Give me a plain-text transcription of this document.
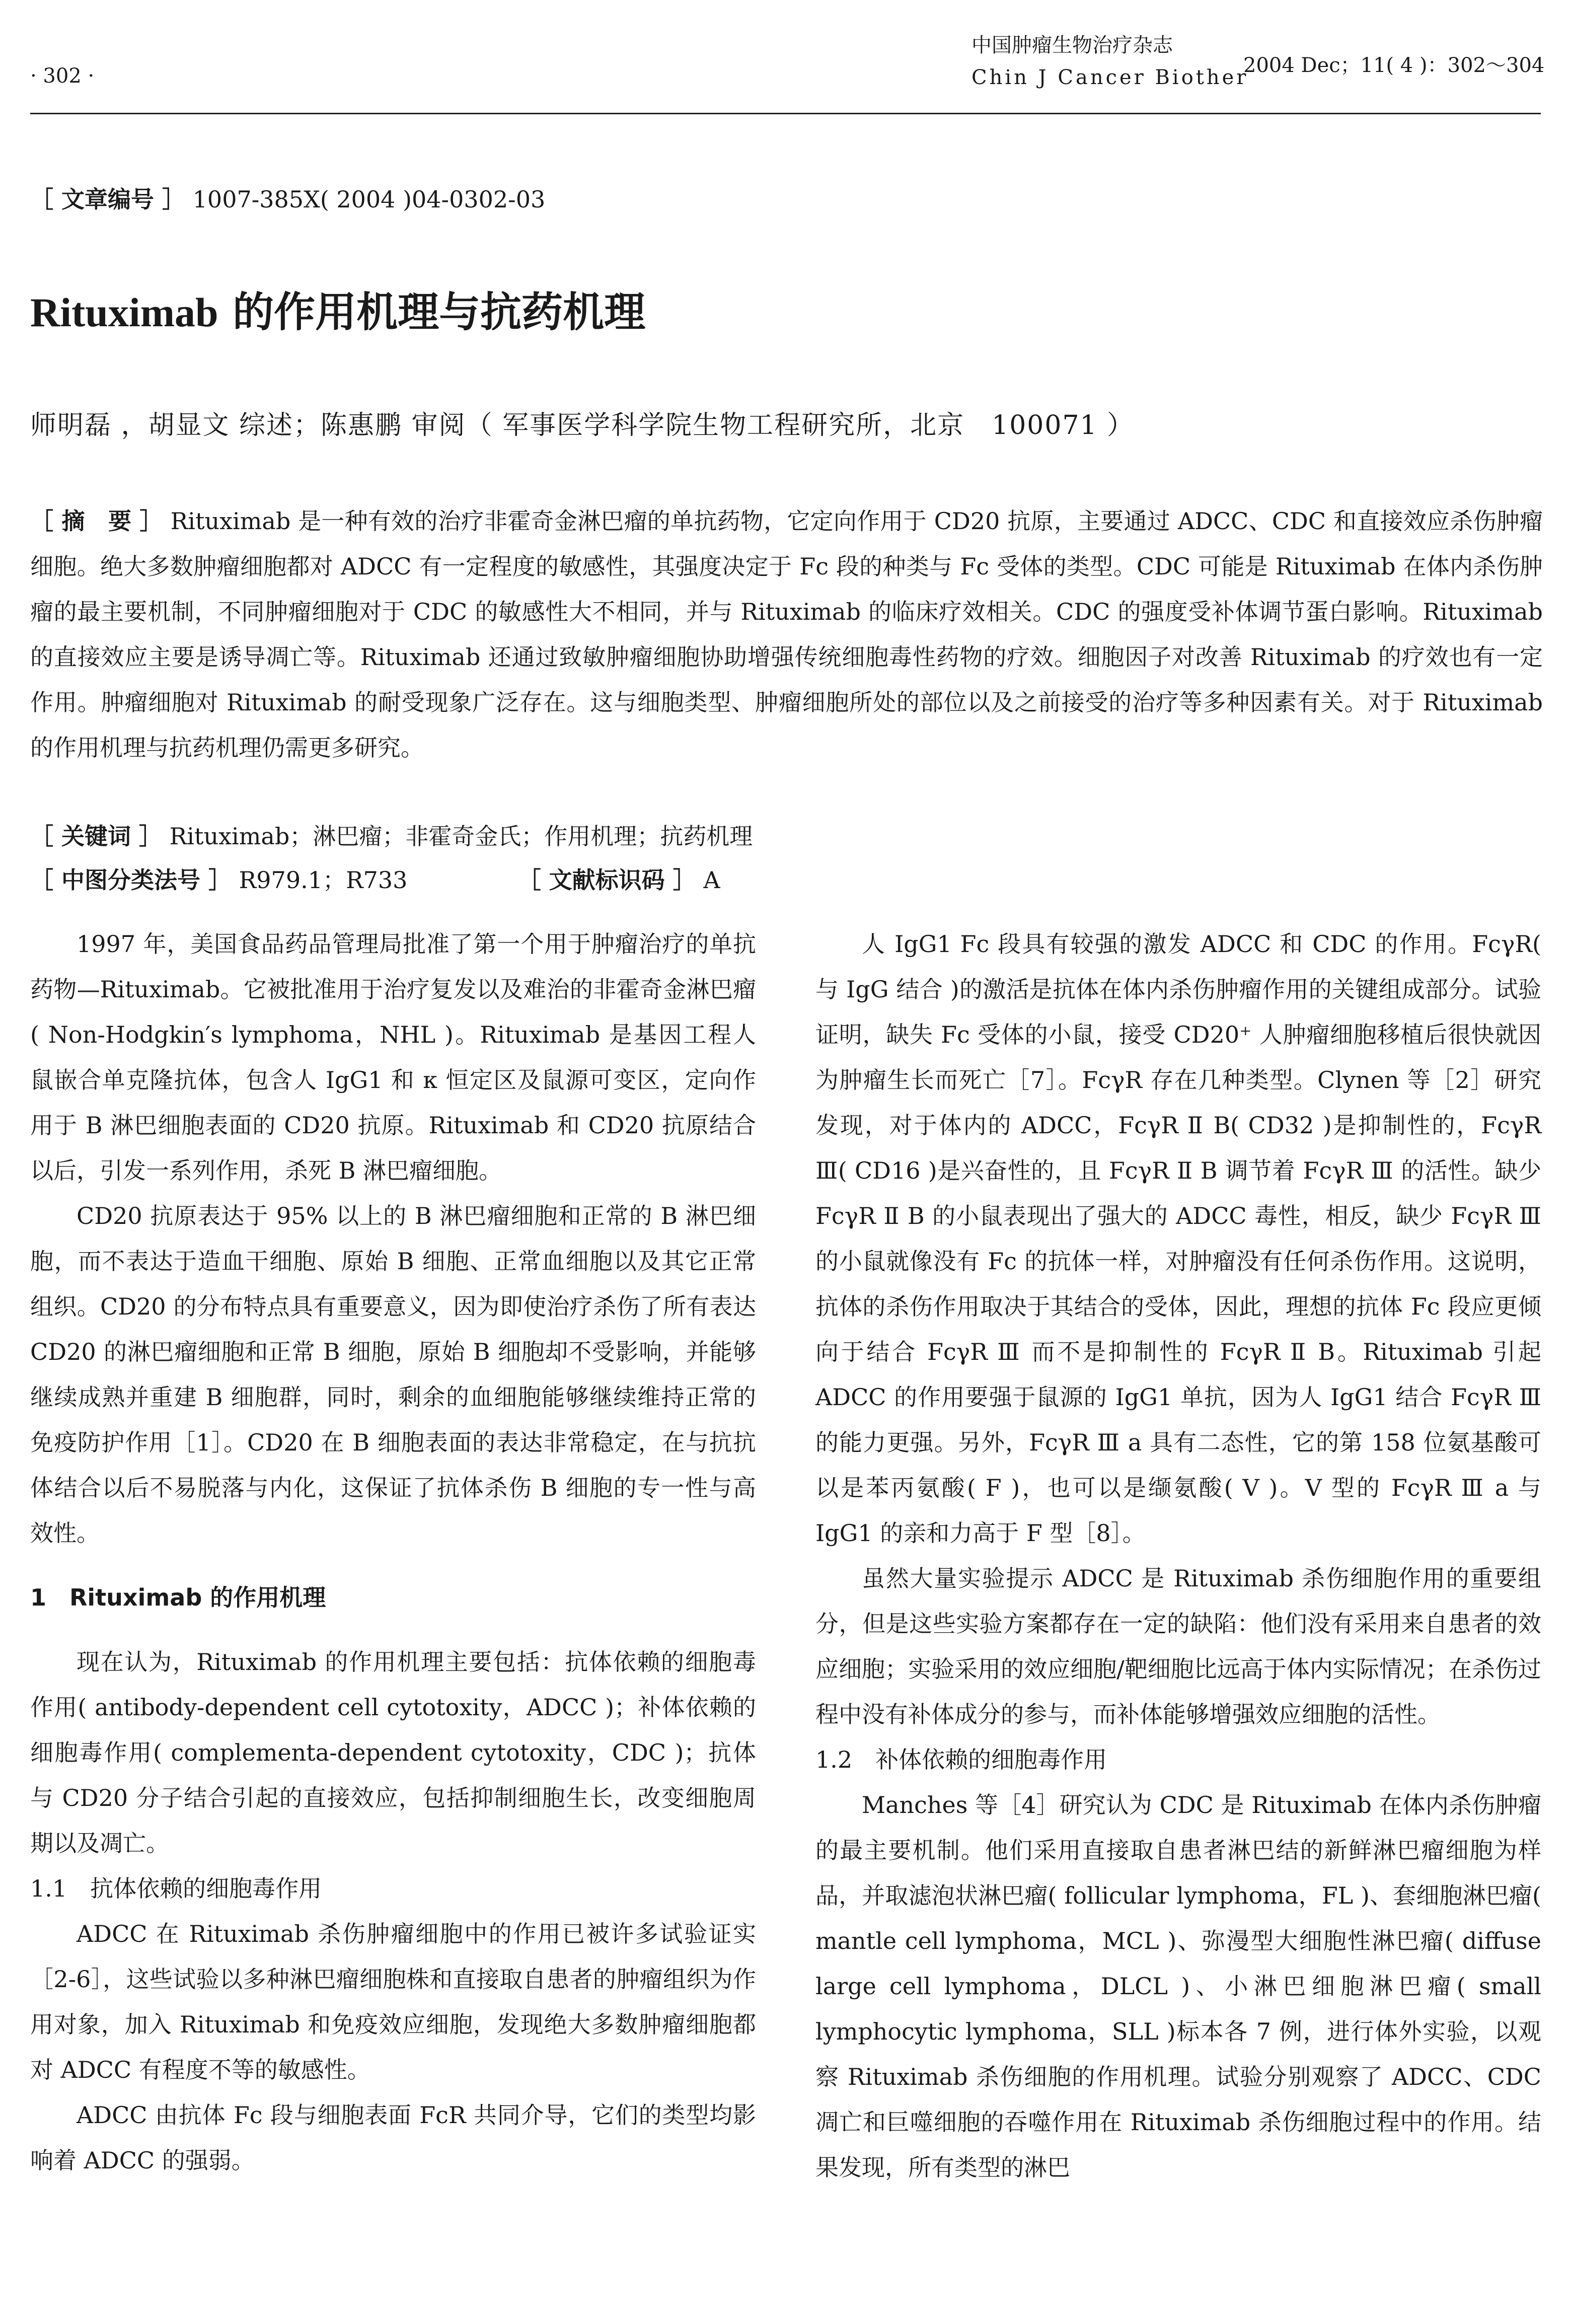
· 302 ·
中国肿瘤生物治疗杂志
Chin J Cancer Biother
2004 Dec；11( 4 )：302～304
［ 文章编号 ］ 1007-385X( 2004 )04-0302-03
Rituximab 的作用机理与抗药机理
师明磊 ，胡显文 综述；陈惠鹏 审阅（ 军事医学科学院生物工程研究所，北京　100071 ）
［ 摘　要 ］ Rituximab 是一种有效的治疗非霍奇金淋巴瘤的单抗药物，它定向作用于 CD20 抗原，主要通过 ADCC、CDC 和直接效应杀伤肿瘤细胞。绝大多数肿瘤细胞都对 ADCC 有一定程度的敏感性，其强度决定于 Fc 段的种类与 Fc 受体的类型。CDC 可能是 Rituximab 在体内杀伤肿瘤的最主要机制，不同肿瘤细胞对于 CDC 的敏感性大不相同，并与 Rituximab 的临床疗效相关。CDC 的强度受补体调节蛋白影响。Rituximab 的直接效应主要是诱导凋亡等。Rituximab 还通过致敏肿瘤细胞协助增强传统细胞毒性药物的疗效。细胞因子对改善 Rituximab 的疗效也有一定作用。肿瘤细胞对 Rituximab 的耐受现象广泛存在。这与细胞类型、肿瘤细胞所处的部位以及之前接受的治疗等多种因素有关。对于 Rituximab 的作用机理与抗药机理仍需更多研究。
［ 关键词 ］ Rituximab；淋巴瘤；非霍奇金氏；作用机理；抗药机理
［ 中图分类法号 ］ R979.1；R733	［ 文献标识码 ］ A

1997 年，美国食品药品管理局批准了第一个用于肿瘤治疗的单抗药物—Rituximab。它被批准用于治疗复发以及难治的非霍奇金淋巴瘤( Non-Hodgkin′s lymphoma，NHL )。Rituximab 是基因工程人鼠嵌合单克隆抗体，包含人 IgG1 和 κ 恒定区及鼠源可变区，定向作用于 B 淋巴细胞表面的 CD20 抗原。Rituximab 和 CD20 抗原结合以后，引发一系列作用，杀死 B 淋巴瘤细胞。

CD20 抗原表达于 95% 以上的 B 淋巴瘤细胞和正常的 B 淋巴细胞，而不表达于造血干细胞、原始 B 细胞、正常血细胞以及其它正常组织。CD20 的分布特点具有重要意义，因为即使治疗杀伤了所有表达 CD20 的淋巴瘤细胞和正常 B 细胞，原始 B 细胞却不受影响，并能够继续成熟并重建 B 细胞群，同时，剩余的血细胞能够继续维持正常的免疫防护作用［1］。CD20 在 B 细胞表面的表达非常稳定，在与抗抗体结合以后不易脱落与内化，这保证了抗体杀伤 B 细胞的专一性与高效性。

1　Rituximab 的作用机理

现在认为，Rituximab 的作用机理主要包括：抗体依赖的细胞毒作用( antibody-dependent cell cytotoxity，ADCC )；补体依赖的细胞毒作用( complementa-dependent cytotoxity，CDC )；抗体与 CD20 分子结合引起的直接效应，包括抑制细胞生长，改变细胞周期以及凋亡。

1.1　抗体依赖的细胞毒作用

ADCC 在 Rituximab 杀伤肿瘤细胞中的作用已被许多试验证实［2-6］，这些试验以多种淋巴瘤细胞株和直接取自患者的肿瘤组织为作用对象，加入 Rituximab 和免疫效应细胞，发现绝大多数肿瘤细胞都对 ADCC 有程度不等的敏感性。

ADCC 由抗体 Fc 段与细胞表面 FcR 共同介导，它们的类型均影响着 ADCC 的强弱。

人 IgG1 Fc 段具有较强的激发 ADCC 和 CDC 的作用。FcγR( 与 IgG 结合 )的激活是抗体在体内杀伤肿瘤作用的关键组成部分。试验证明，缺失 Fc 受体的小鼠，接受 CD20⁺ 人肿瘤细胞移植后很快就因为肿瘤生长而死亡［7］。FcγR 存在几种类型。Clynen 等［2］研究发现，对于体内的 ADCC，FcγR Ⅱ B( CD32 )是抑制性的，FcγR Ⅲ( CD16 )是兴奋性的，且 FcγR Ⅱ B 调节着 FcγR Ⅲ 的活性。缺少 FcγR Ⅱ B 的小鼠表现出了强大的 ADCC 毒性，相反，缺少 FcγR Ⅲ 的小鼠就像没有 Fc 的抗体一样，对肿瘤没有任何杀伤作用。这说明，抗体的杀伤作用取决于其结合的受体，因此，理想的抗体 Fc 段应更倾向于结合 FcγR Ⅲ 而不是抑制性的 FcγR Ⅱ B。Rituximab 引起 ADCC 的作用要强于鼠源的 IgG1 单抗，因为人 IgG1 结合 FcγR Ⅲ 的能力更强。另外，FcγR Ⅲ a 具有二态性，它的第 158 位氨基酸可以是苯丙氨酸( F )，也可以是缬氨酸( V )。V 型的 FcγR Ⅲ a 与 IgG1 的亲和力高于 F 型［8］。

虽然大量实验提示 ADCC 是 Rituximab 杀伤细胞作用的重要组分，但是这些实验方案都存在一定的缺陷：他们没有采用来自患者的效应细胞；实验采用的效应细胞/靶细胞比远高于体内实际情况；在杀伤过程中没有补体成分的参与，而补体能够增强效应细胞的活性。

1.2　补体依赖的细胞毒作用

Manches 等［4］研究认为 CDC 是 Rituximab 在体内杀伤肿瘤的最主要机制。他们采用直接取自患者淋巴结的新鲜淋巴瘤细胞为样品，并取滤泡状淋巴瘤( follicular lymphoma，FL )、套细胞淋巴瘤( mantle cell lymphoma，MCL )、弥漫型大细胞性淋巴瘤( diffuse large cell lymphoma，DLCL )、小淋巴细胞淋巴瘤( small lymphocytic lymphoma，SLL )标本各 7 例，进行体外实验，以观察 Rituximab 杀伤细胞的作用机理。试验分别观察了 ADCC、CDC 凋亡和巨噬细胞的吞噬作用在 Rituximab 杀伤细胞过程中的作用。结果发现，所有类型的淋巴
